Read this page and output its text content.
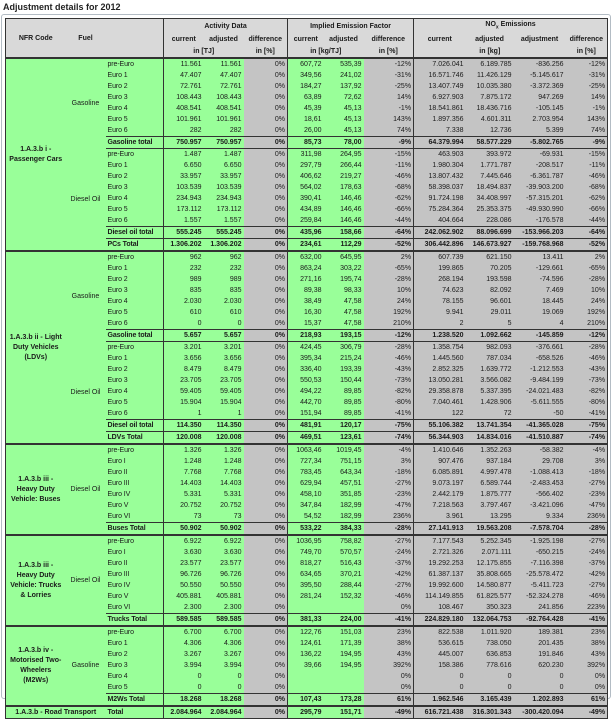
Adjustment details for 2012
NFR Code	Fuel		Activity Data			Implied Emission Factor			$NO_x$ Emissions			
			current	adjusted	difference	current	adjusted	difference	current	adjusted	adjustment	difference
			in [TJ]		in [%]	in [kg/TJ]		in [%]	in [kg]			in [%]
1.A.3.b i - Passenger Cars	Gasoline	pre-Euro	11.561	11.561	0%	607,72	535,39	-12%	7.026.041	6.189.785	-836.256	-12%
		Euro 1	47.407	47.407	0%	349,56	241,02	-31%	16.571.746	11.426.129	-5.145.617	-31%
		Euro 2	72.761	72.761	0%	184,27	137,92	-25%	13.407.749	10.035.380	-3.372.369	-25%
		Euro 3	108.443	108.443	0%	63,89	72,62	14%	6.927.903	7.875.172	947.269	14%
		Euro 4	408.541	408.541	0%	45,39	45,13	-1%	18.541.861	18.436.716	-105.145	-1%
		Euro 5	101.961	101.961	0%	18,61	45,13	143%	1.897.356	4.601.311	2.703.954	143%
		Euro 6	282	282	0%	26,00	45,13	74%	7.338	12.736	5.399	74%
		Gasoline total	750.957	750.957	0%	85,73	78,00	-9%	64.379.994	58.577.229	-5.802.765	-9%
	Diesel Oil	pre-Euro	1.487	1.487	0%	311,98	264,95	-15%	463.903	393.972	-69.931	-15%
		Euro 1	6.650	6.650	0%	297,79	266,44	-11%	1.980.304	1.771.787	-208.517	-11%
		Euro 2	33.957	33.957	0%	406,62	219,27	-46%	13.807.432	7.445.646	-6.361.787	-46%
		Euro 3	103.539	103.539	0%	564,02	178,63	-68%	58.398.037	18.494.837	-39.903.200	-68%
		Euro 4	234.943	234.943	0%	390,41	146,46	-62%	91.724.198	34.408.997	-57.315.201	-62%
		Euro 5	173.112	173.112	0%	434,89	146,46	-66%	75.284.364	25.353.375	-49.930.990	-66%
		Euro 6	1.557	1.557	0%	259,84	146,46	-44%	404.664	228.086	-176.578	-44%
		Diesel oil total	555.245	555.245	0%	435,96	158,66	-64%	242.062.902	88.096.699	-153.966.203	-64%
		PCs Total	1.306.202	1.306.202	0%	234,61	112,29	-52%	306.442.896	146.673.927	-159.768.968	-52%
1.A.3.b ii - Light Duty Vehicles (LDVs)	Gasoline	pre-Euro	962	962	0%	632,00	645,95	2%	607.739	621.150	13.411	2%
		Euro 1	232	232	0%	863,24	303,22	-65%	199.865	70.205	-129.661	-65%
		Euro 2	989	989	0%	271,16	195,74	-28%	268.194	193.598	-74.596	-28%
		Euro 3	835	835	0%	89,38	98,33	10%	74.623	82.092	7.469	10%
		Euro 4	2.030	2.030	0%	38,49	47,58	24%	78.155	96.601	18.445	24%
		Euro 5	610	610	0%	16,30	47,58	192%	9.941	29.011	19.069	192%
		Euro 6	0	0	0%	15,37	47,58	210%	2	5	4	210%
		Gasoline total	5.657	5.657	0%	218,93	193,15	-12%	1.238.520	1.092.662	-145.859	-12%
	Diesel Oil	pre-Euro	3.201	3.201	0%	424,45	306,79	-28%	1.358.754	982.093	-376.661	-28%
		Euro 1	3.656	3.656	0%	395,34	215,24	-46%	1.445.560	787.034	-658.526	-46%
		Euro 2	8.479	8.479	0%	336,40	193,39	-43%	2.852.325	1.639.772	-1.212.553	-43%
		Euro 3	23.705	23.705	0%	550,53	150,44	-73%	13.050.281	3.566.082	-9.484.199	-73%
		Euro 4	59.405	59.405	0%	494,22	89,85	-82%	29.358.878	5.337.395	-24.021.483	-82%
		Euro 5	15.904	15.904	0%	442,70	89,85	-80%	7.040.461	1.428.906	-5.611.555	-80%
		Euro 6	1	1	0%	151,94	89,85	-41%	122	72	-50	-41%
		Diesel oil total	114.350	114.350	0%	481,91	120,17	-75%	55.106.382	13.741.354	-41.365.028	-75%
		LDVs Total	120.008	120.008	0%	469,51	123,61	-74%	56.344.903	14.834.016	-41.510.887	-74%
1.A.3.b iii - Heavy Duty Vehicle: Buses	Diesel Oil	pre-Euro	1.326	1.326	0%	1063,46	1019,45	-4%	1.410.646	1.352.263	-58.382	-4%
		Euro I	1.248	1.248	0%	727,34	751,15	3%	907.476	937.184	29.708	3%
		Euro II	7.768	7.768	0%	783,45	643,34	-18%	6.085.891	4.997.478	-1.088.413	-18%
		Euro III	14.403	14.403	0%	629,94	457,51	-27%	9.073.197	6.589.744	-2.483.453	-27%
		Euro IV	5.331	5.331	0%	458,10	351,85	-23%	2.442.179	1.875.777	-566.402	-23%
		Euro V	20.752	20.752	0%	347,84	182,99	-47%	7.218.563	3.797.467	-3.421.096	-47%
		Euro VI	73	73	0%	54,52	182,99	236%	3.961	13.295	9.334	236%
		Buses Total	50.902	50.902	0%	533,22	384,33	-28%	27.141.913	19.563.208	-7.578.704	-28%
1.A.3.b iii - Heavy Duty Vehicle: Trucks & Lorries	Diesel Oil	pre-Euro	6.922	6.922	0%	1036,95	758,82	-27%	7.177.543	5.252.345	-1.925.198	-27%
		Euro I	3.630	3.630	0%	749,70	570,57	-24%	2.721.326	2.071.111	-650.215	-24%
		Euro II	23.577	23.577	0%	818,27	516,43	-37%	19.292.253	12.175.855	-7.116.398	-37%
		Euro III	96.726	96.726	0%	634,65	370,21	-42%	61.387.137	35.808.665	-25.578.472	-42%
		Euro IV	50.550	50.550	0%	395,50	288,44	-27%	19.992.600	14.580.877	-5.411.723	-27%
		Euro V	405.881	405.881	0%	281,24	152,32	-46%	114.149.855	61.825.577	-52.324.278	-46%
		Euro VI	2.300	2.300	0%			0%	108.467	350.323	241.856	223%
		Trucks Total	589.585	589.585	0%	381,33	224,00	-41%	224.829.180	132.064.753	-92.764.428	-41%
1.A.3.b iv - Motorised Two- Wheelers (M2Ws)	Gasoline	pre-Euro	6.700	6.700	0%	122,76	151,03	23%	822.538	1.011.920	189.381	23%
		Euro 1	4.306	4.306	0%	124,61	171,39	38%	536.615	738.050	201.435	38%
		Euro 2	3.267	3.267	0%	136,22	194,95	43%	445.007	636.853	191.846	43%
		Euro 3	3.994	3.994	0%	39,66	194,95	392%	158.386	778.616	620.230	392%
		Euro 4	0	0	0%			0%	0	0	0	0%
		Euro 5	0	0	0%			0%	0	0	0	0%
		M2Ws Total	18.268	18.268	0%	107,43	173,28	61%	1.962.546	3.165.439	1.202.893	61%
1.A.3.b - Road Transport		Total	2.084.964	2.084.964	0%	295,79	151,71	-49%	616.721.438	316.301.343	-300.420.094	-49%
